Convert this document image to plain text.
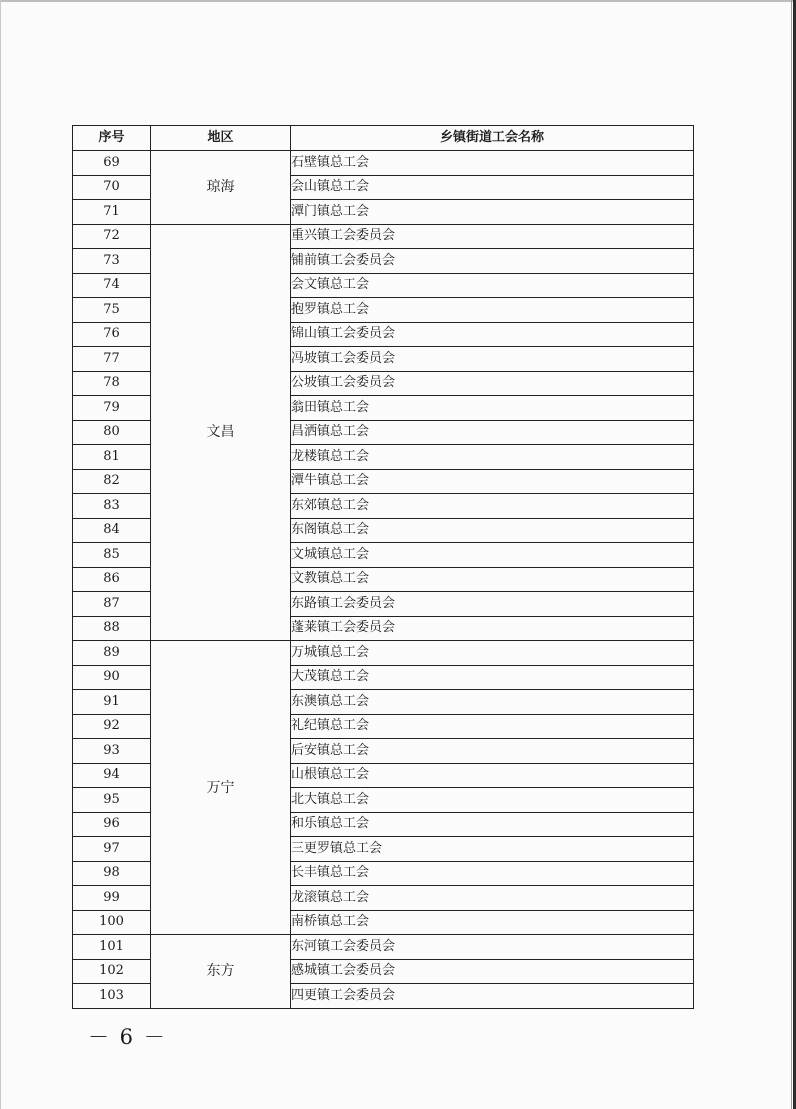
序号	地区	乡镇街道工会名称
69	琼海	石壁镇总工会
70		会山镇总工会
71		潭门镇总工会
72	文昌	重兴镇工会委员会
73		铺前镇工会委员会
74		会文镇总工会
75		抱罗镇总工会
76		锦山镇工会委员会
77		冯坡镇工会委员会
78		公坡镇工会委员会
79		翁田镇总工会
80		昌洒镇总工会
81		龙楼镇总工会
82		潭牛镇总工会
83		东郊镇总工会
84		东阁镇总工会
85		文城镇总工会
86		文教镇总工会
87		东路镇工会委员会
88		蓬莱镇工会委员会
89	万宁	万城镇总工会
90		大茂镇总工会
91		东澳镇总工会
92		礼纪镇总工会
93		后安镇总工会
94		山根镇总工会
95		北大镇总工会
96		和乐镇总工会
97		三更罗镇总工会
98		长丰镇总工会
99		龙滚镇总工会
100		南桥镇总工会
101	东方	东河镇工会委员会
102		感城镇工会委员会
103		四更镇工会委员会
－ 6 －
